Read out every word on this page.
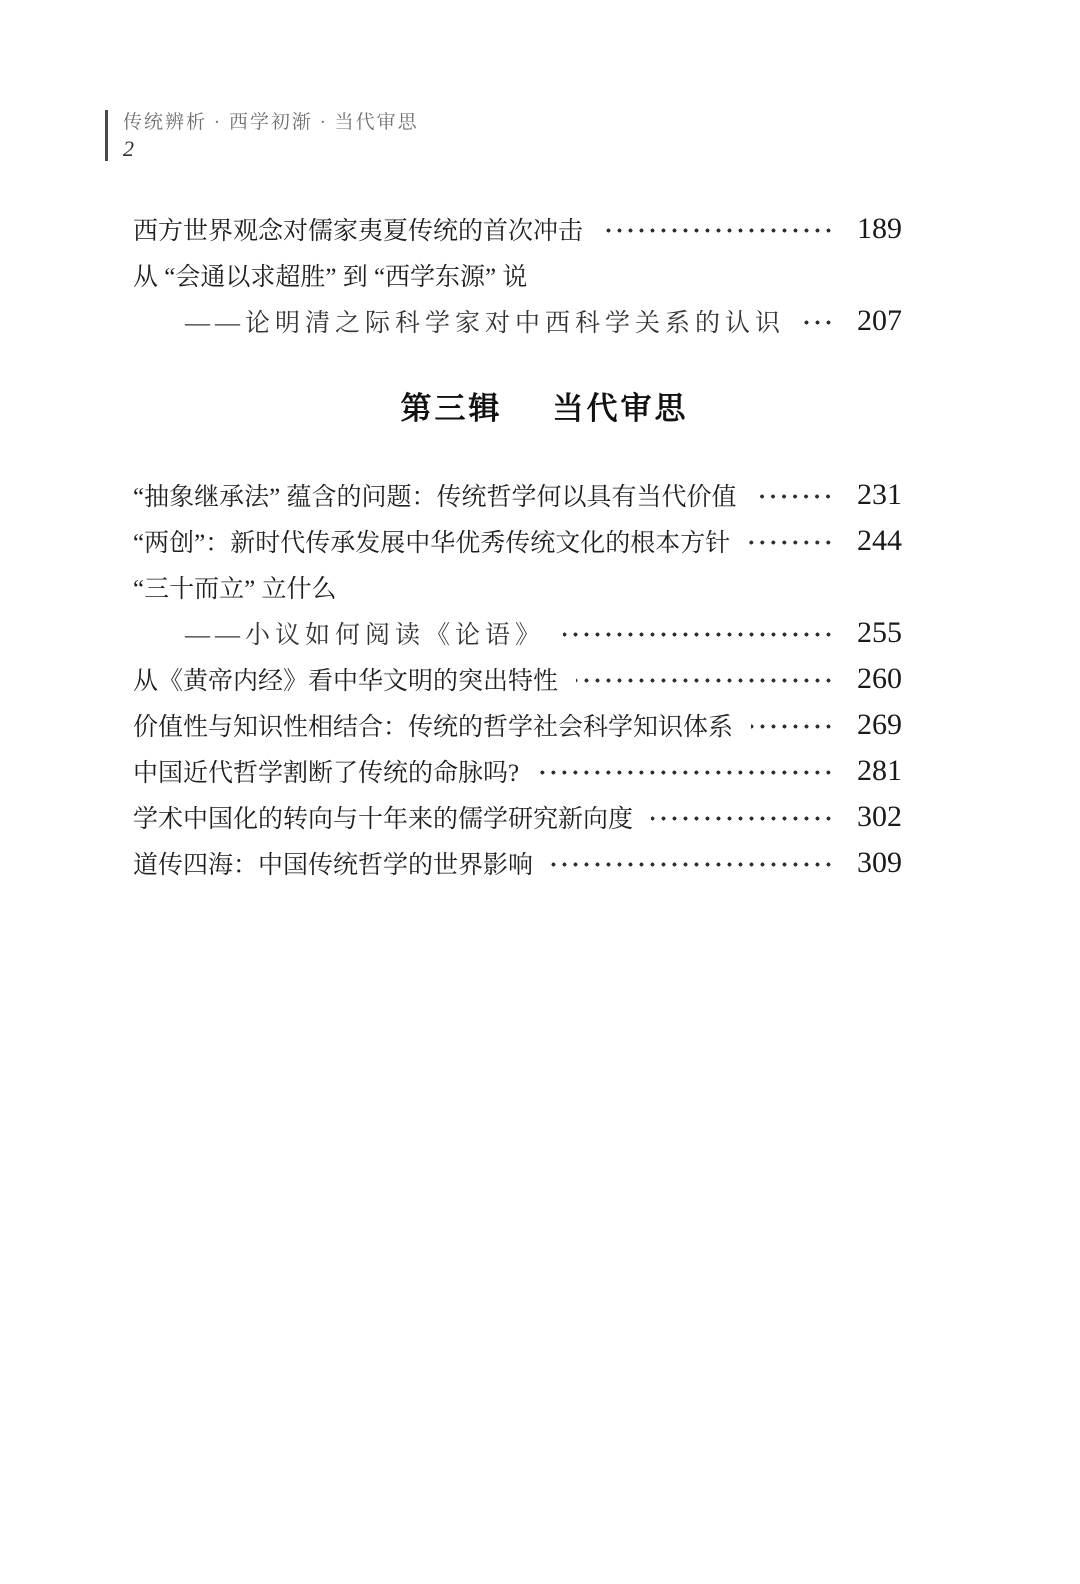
传统辨析 · 西学初渐 · 当代审思
2
西方世界观念对儒家夷夏传统的首次冲击	189
从 “会通以求超胜” 到 “西学东源” 说
——论明清之际科学家对中西科学关系的认识	207
第三辑 当代审思
“抽象继承法” 蕴含的问题：传统哲学何以具有当代价值	231
“两创”：新时代传承发展中华优秀传统文化的根本方针	244
“三十而立” 立什么
——小议如何阅读《论语》	255
从《黄帝内经》看中华文明的突出特性	260
价值性与知识性相结合：传统的哲学社会科学知识体系	269
中国近代哲学割断了传统的命脉吗?	281
学术中国化的转向与十年来的儒学研究新向度	302
道传四海：中国传统哲学的世界影响	309
